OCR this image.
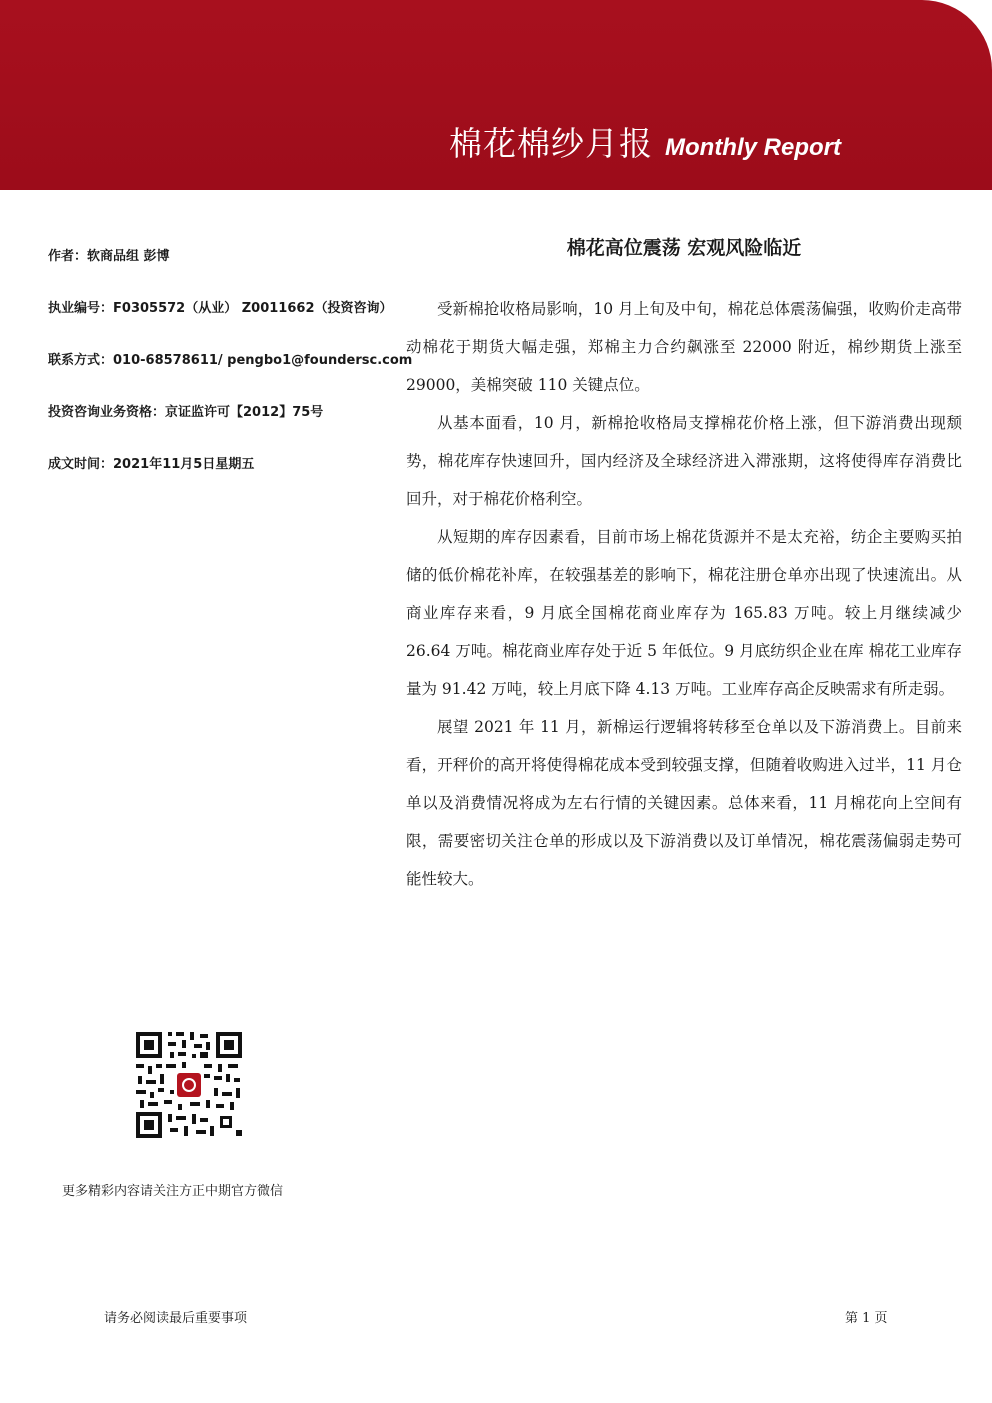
棉花棉纱月报 Monthly Report
作者：软商品组 彭博
执业编号：F0305572（从业） Z0011662（投资咨询）
联系方式：010-68578611/ pengbo1@foundersc.com
投资咨询业务资格：京证监许可【2012】75号
成文时间：2021年11月5日星期五
棉花高位震荡 宏观风险临近

受新棉抢收格局影响，10 月上旬及中旬，棉花总体震荡偏强，收购价走高带动棉花于期货大幅走强，郑棉主力合约飙涨至 22000 附近，棉纱期货上涨至 29000，美棉突破 110 关键点位。

从基本面看，10 月，新棉抢收格局支撑棉花价格上涨，但下游消费出现颓势，棉花库存快速回升，国内经济及全球经济进入滞涨期，这将使得库存消费比回升，对于棉花价格利空。

从短期的库存因素看，目前市场上棉花货源并不是太充裕，纺企主要购买拍储的低价棉花补库，在较强基差的影响下，棉花注册仓单亦出现了快速流出。从商业库存来看，9 月底全国棉花商业库存为 165.83 万吨。较上月继续减少 26.64 万吨。棉花商业库存处于近 5 年低位。9 月底纺织企业在库 棉花工业库存量为 91.42 万吨，较上月底下降 4.13 万吨。工业库存高企反映需求有所走弱。

展望 2021 年 11 月，新棉运行逻辑将转移至仓单以及下游消费上。目前来看，开秤价的高开将使得棉花成本受到较强支撑，但随着收购进入过半，11 月仓单以及消费情况将成为左右行情的关键因素。总体来看，11 月棉花向上空间有限，需要密切关注仓单的形成以及下游消费以及订单情况，棉花震荡偏弱走势可能性较大。

更多精彩内容请关注方正中期官方微信
请务必阅读最后重要事项	第 1 页
